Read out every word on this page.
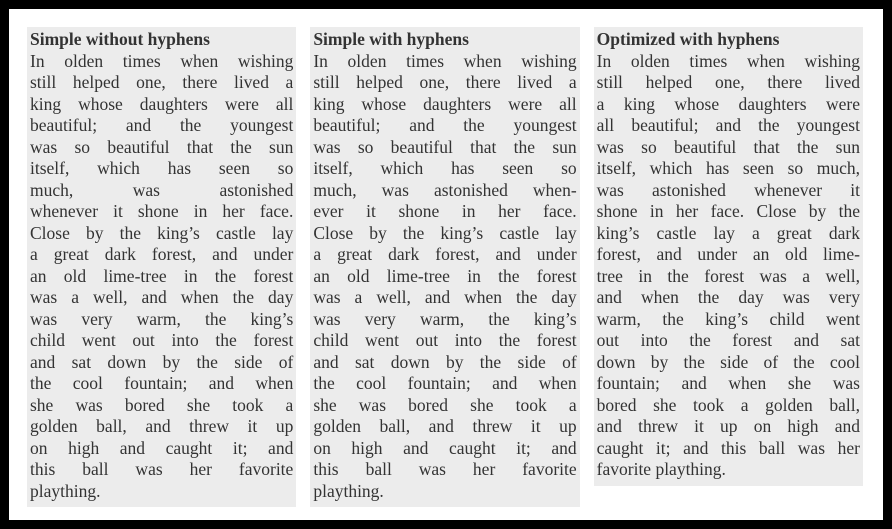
Simple without hyphens
In olden times when wishing
still helped one, there lived a
king whose daughters were all
beautiful; and the youngest
was so beautiful that the sun
itself, which has seen so
much, was astonished
whenever it shone in her face.
Close by the king’s castle lay
a great dark forest, and under
an old lime-tree in the forest
was a well, and when the day
was very warm, the king’s
child went out into the forest
and sat down by the side of
the cool fountain; and when
she was bored she took a
golden ball, and threw it up
on high and caught it; and
this ball was her favorite
plaything.
Simple with hyphens
In olden times when wishing
still helped one, there lived a
king whose daughters were all
beautiful; and the youngest
was so beautiful that the sun
itself, which has seen so
much, was astonished when-
ever it shone in her face.
Close by the king’s castle lay
a great dark forest, and under
an old lime-tree in the forest
was a well, and when the day
was very warm, the king’s
child went out into the forest
and sat down by the side of
the cool fountain; and when
she was bored she took a
golden ball, and threw it up
on high and caught it; and
this ball was her favorite
plaything.
Optimized with hyphens
In olden times when wishing
still helped one, there lived
a king whose daughters were
all beautiful; and the youngest
was so beautiful that the sun
itself, which has seen so much,
was astonished whenever it
shone in her face. Close by the
king’s castle lay a great dark
forest, and under an old lime-
tree in the forest was a well,
and when the day was very
warm, the king’s child went
out into the forest and sat
down by the side of the cool
fountain; and when she was
bored she took a golden ball,
and threw it up on high and
caught it; and this ball was her
favorite plaything.
